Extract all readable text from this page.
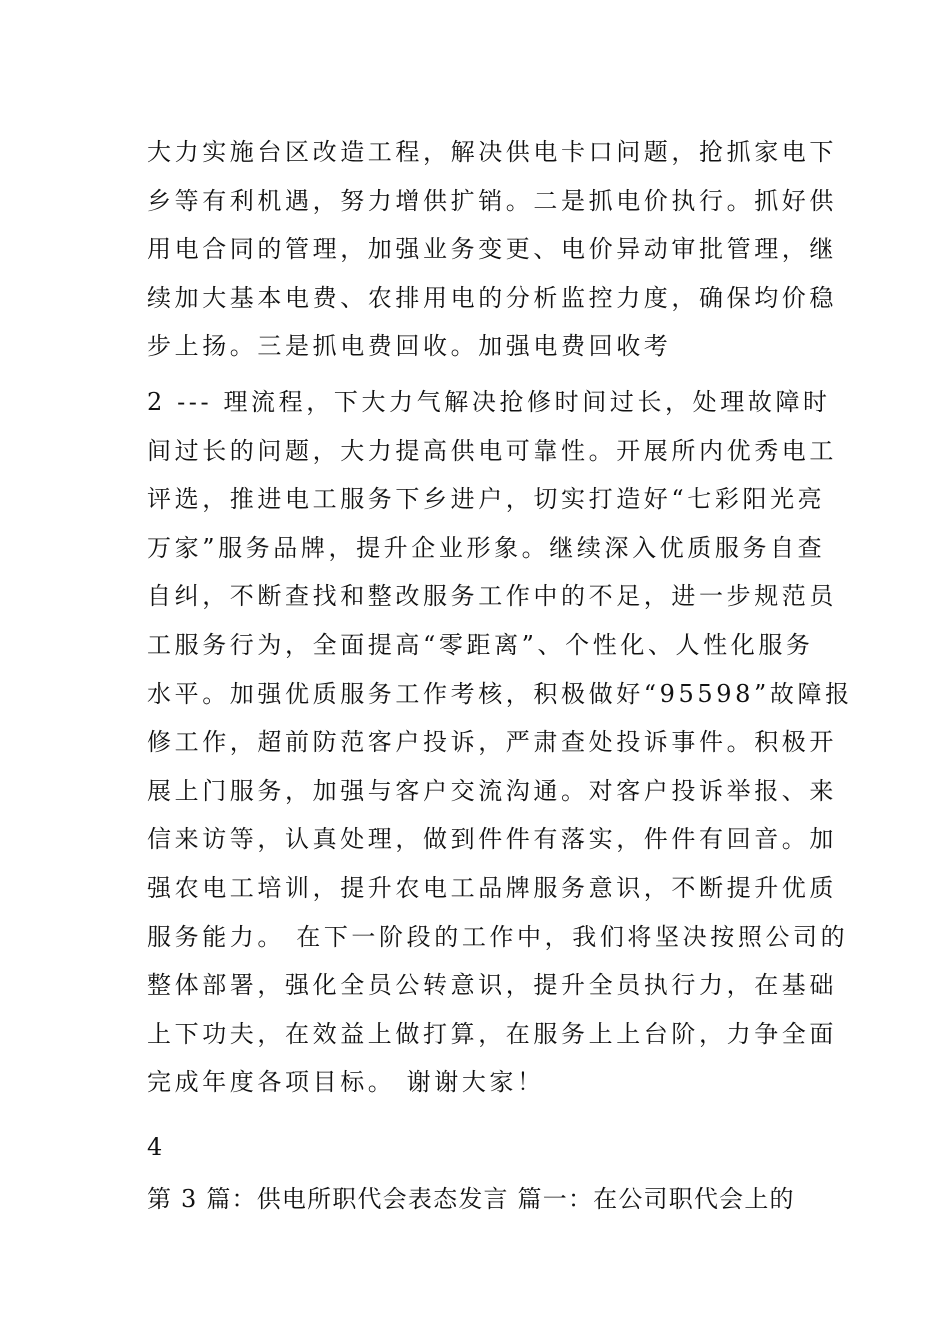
大力实施台区改造工程，解决供电卡口问题，抢抓家电下
乡等有利机遇，努力增供扩销。二是抓电价执行。抓好供
用电合同的管理，加强业务变更、电价异动审批管理，继
续加大基本电费、农排用电的分析监控力度，确保均价稳
步上扬。三是抓电费回收。加强电费回收考
2 --- 理流程，下大力气解决抢修时间过长，处理故障时
间过长的问题，大力提高供电可靠性。开展所内优秀电工
评选，推进电工服务下乡进户，切实打造好“七彩阳光亮
万家”服务品牌，提升企业形象。继续深入优质服务自查
自纠，不断查找和整改服务工作中的不足，进一步规范员
工服务行为，全面提高“零距离”、个性化、人性化服务
水平。加强优质服务工作考核，积极做好“95598”故障报
修工作，超前防范客户投诉，严肃查处投诉事件。积极开
展上门服务，加强与客户交流沟通。对客户投诉举报、来
信来访等，认真处理，做到件件有落实，件件有回音。加
强农电工培训，提升农电工品牌服务意识，不断提升优质
服务能力。 在下一阶段的工作中，我们将坚决按照公司的
整体部署，强化全员公转意识，提升全员执行力，在基础
上下功夫，在效益上做打算，在服务上上台阶，力争全面
完成年度各项目标。 谢谢大家！
4
第 3 篇：供电所职代会表态发言 篇一：在公司职代会上的
